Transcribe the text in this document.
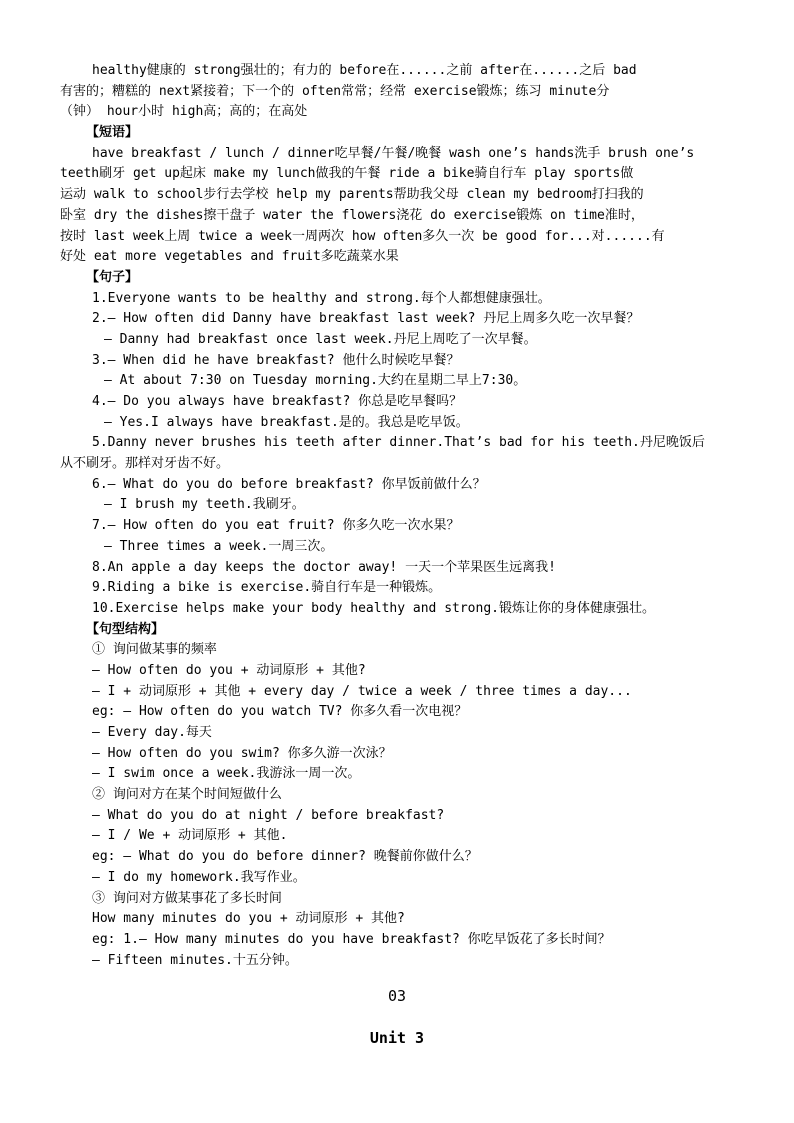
healthy健康的 strong强壮的；有力的 before在......之前 after在......之后 bad
有害的；糟糕的 next紧接着；下一个的 often常常；经常 exercise锻炼；练习 minute分
（钟） hour小时 high高；高的；在高处
【短语】
have breakfast / lunch / dinner吃早餐/午餐/晚餐 wash one’s hands洗手 brush one’s
teeth刷牙 get up起床 make my lunch做我的午餐 ride a bike骑自行车 play sports做
运动 walk to school步行去学校 help my parents帮助我父母 clean my bedroom打扫我的
卧室 dry the dishes擦干盘子 water the flowers浇花 do exercise锻炼 on time准时，
按时 last week上周 twice a week一周两次 how often多久一次 be good for...对......有
好处 eat more vegetables and fruit多吃蔬菜水果
【句子】
1.Everyone wants to be healthy and strong.每个人都想健康强壮。
2.— How often did Danny have breakfast last week? 丹尼上周多久吃一次早餐？
— Danny had breakfast once last week.丹尼上周吃了一次早餐。
3.— When did he have breakfast? 他什么时候吃早餐？
— At about 7:30 on Tuesday morning.大约在星期二早上7:30。
4.— Do you always have breakfast? 你总是吃早餐吗？
— Yes.I always have breakfast.是的。我总是吃早饭。
5.Danny never brushes his teeth after dinner.That’s bad for his teeth.丹尼晚饭后
从不刷牙。那样对牙齿不好。
6.— What do you do before breakfast? 你早饭前做什么？
— I brush my teeth.我刷牙。
7.— How often do you eat fruit? 你多久吃一次水果？
— Three times a week.一周三次。
8.An apple a day keeps the doctor away! 一天一个苹果医生远离我!
9.Riding a bike is exercise.骑自行车是一种锻炼。
10.Exercise helps make your body healthy and strong.锻炼让你的身体健康强壮。
【句型结构】
① 询问做某事的频率
— How often do you + 动词原形 + 其他?
— I + 动词原形 + 其他 + every day / twice a week / three times a day...
eg: — How often do you watch TV? 你多久看一次电视？
— Every day.每天
— How often do you swim? 你多久游一次泳？
— I swim once a week.我游泳一周一次。
② 询问对方在某个时间短做什么
— What do you do at night / before breakfast?
— I / We + 动词原形 + 其他.
eg: — What do you do before dinner? 晚餐前你做什么？
— I do my homework.我写作业。
③ 询问对方做某事花了多长时间
How many minutes do you + 动词原形 + 其他?
eg: 1.— How many minutes do you have breakfast? 你吃早饭花了多长时间？
— Fifteen minutes.十五分钟。
03
Unit 3
